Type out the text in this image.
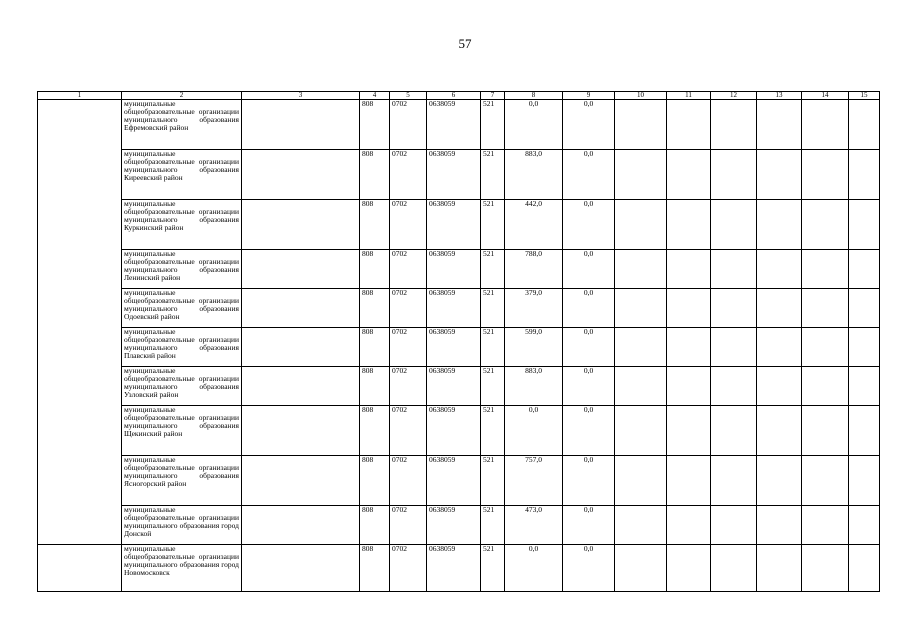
57
1	2	3	4	5	6	7	8	9	10	11	12	13	14	15
	муниципальные общеобразовательные организации муниципального образования Ефремовский район		808	0702	0638059	521	0,0	0,0						
	муниципальные общеобразовательные организации муниципального образования Киреевский район		808	0702	0638059	521	883,0	0,0						
	муниципальные общеобразовательные организации муниципального образования Куркинский район		808	0702	0638059	521	442,0	0,0						
	муниципальные общеобразовательные организации муниципального образования Ленинский район		808	0702	0638059	521	788,0	0,0						
	муниципальные общеобразовательные организации муниципального образования Одоевский район		808	0702	0638059	521	379,0	0,0						
	муниципальные общеобразовательные организации муниципального образования Плавский район		808	0702	0638059	521	599,0	0,0						
	муниципальные общеобразовательные организации муниципального образования Узловский район		808	0702	0638059	521	883,0	0,0						
	муниципальные общеобразовательные организации муниципального образования Щекинский район		808	0702	0638059	521	0,0	0,0						
	муниципальные общеобразовательные организации муниципального образования Ясногорский район		808	0702	0638059	521	757,0	0,0						
	муниципальные общеобразовательные организации муниципального образования город Донской		808	0702	0638059	521	473,0	0,0						
	муниципальные общеобразовательные организации муниципального образования город Новомосковск		808	0702	0638059	521	0,0	0,0						
